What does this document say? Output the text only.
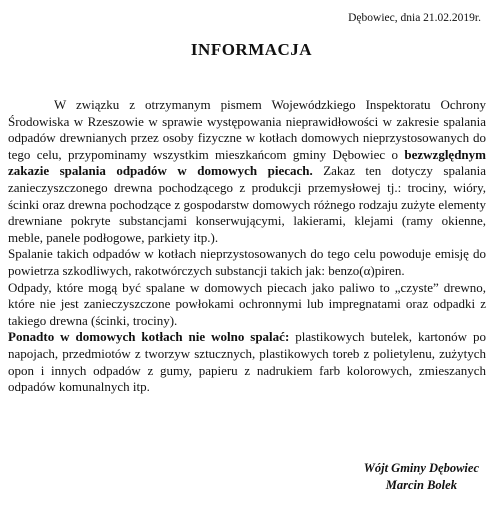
Dębowiec, dnia 21.02.2019r.
INFORMACJA

W związku z otrzymanym pismem Wojewódzkiego Inspektoratu Ochrony Środowiska w Rzeszowie w sprawie występowania nieprawidłowości w zakresie spalania odpadów drewnianych przez osoby fizyczne w kotłach domowych nieprzystosowanych do tego celu, przypominamy wszystkim mieszkańcom gminy Dębowiec o bezwzględnym zakazie spalania odpadów w domowych piecach. Zakaz ten dotyczy spalania zanieczyszczonego drewna pochodzącego z produkcji przemysłowej tj.: trociny, wióry, ścinki oraz drewna pochodzące z gospodarstw domowych różnego rodzaju zużyte elementy drewniane pokryte substancjami konserwującymi, lakierami, klejami (ramy okienne, meble, panele podłogowe, parkiety itp.).

Spalanie takich odpadów w kotłach nieprzystosowanych do tego celu powoduje emisję do powietrza szkodliwych, rakotwórczych substancji takich jak: benzo(α)piren.

Odpady, które mogą być spalane w domowych piecach jako paliwo to „czyste” drewno, które nie jest zanieczyszczone powłokami ochronnymi lub impregnatami oraz odpadki z takiego drewna (ścinki, trociny).

Ponadto w domowych kotłach nie wolno spalać: plastikowych butelek, kartonów po napojach, przedmiotów z tworzyw sztucznych, plastikowych toreb z polietylenu, zużytych opon i innych odpadów z gumy, papieru z nadrukiem farb kolorowych, zmieszanych odpadów komunalnych itp.

Wójt Gminy Dębowiec
Marcin Bolek
